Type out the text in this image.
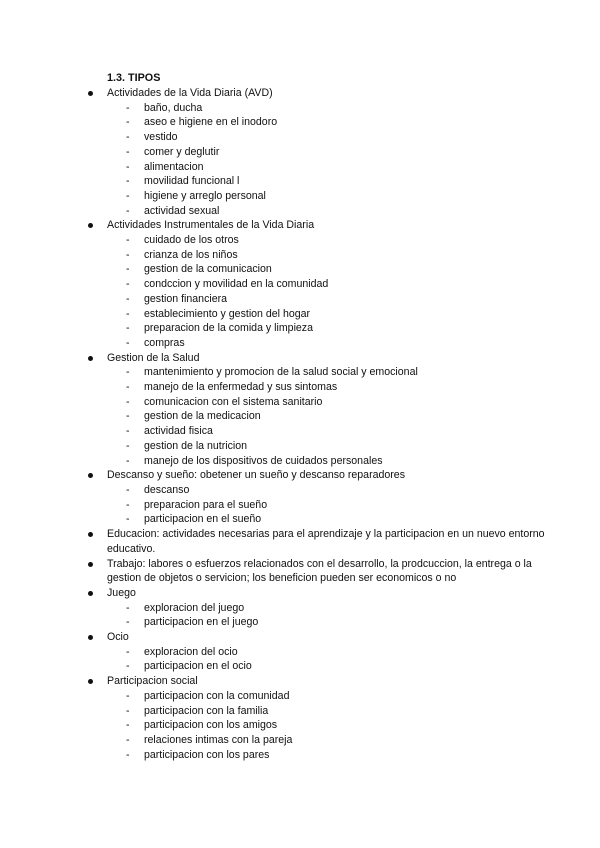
1.3. TIPOS
Actividades de la Vida Diaria (AVD)
- baño, ducha
- aseo e higiene en el inodoro
- vestido
- comer y deglutir
- alimentacion
- movilidad funcional l
- higiene y arreglo personal
- actividad sexual
Actividades Instrumentales de la Vida Diaria
- cuidado de los otros
- crianza de los niños
- gestion de la comunicacion
- condccion y movilidad en la comunidad
- gestion financiera
- establecimiento y gestion del hogar
- preparacion de la comida y limpieza
- compras
Gestion de la Salud
- mantenimiento y promocion de la salud social y emocional
- manejo de la enfermedad y sus sintomas
- comunicacion con el sistema sanitario
- gestion de la medicacion
- actividad fisica
- gestion de la nutricion
- manejo de los dispositivos de cuidados personales
Descanso y sueño: obetener un sueño y descanso reparadores
- descanso
- preparacion para el sueño
- participacion en el sueño
Educacion: actividades necesarias para el aprendizaje y la participacion en un nuevo entorno educativo.
Trabajo: labores o esfuerzos relacionados con el desarrollo, la prodcuccion, la entrega o la gestion de objetos o servicion; los beneficion pueden ser economicos o no
Juego
- exploracion del juego
- participacion en el juego
Ocio
- exploracion del ocio
- participacion en el ocio
Participacion social
- participacion con la comunidad
- participacion con la familia
- participacion con los amigos
- relaciones intimas con la pareja
- participacion con los pares
